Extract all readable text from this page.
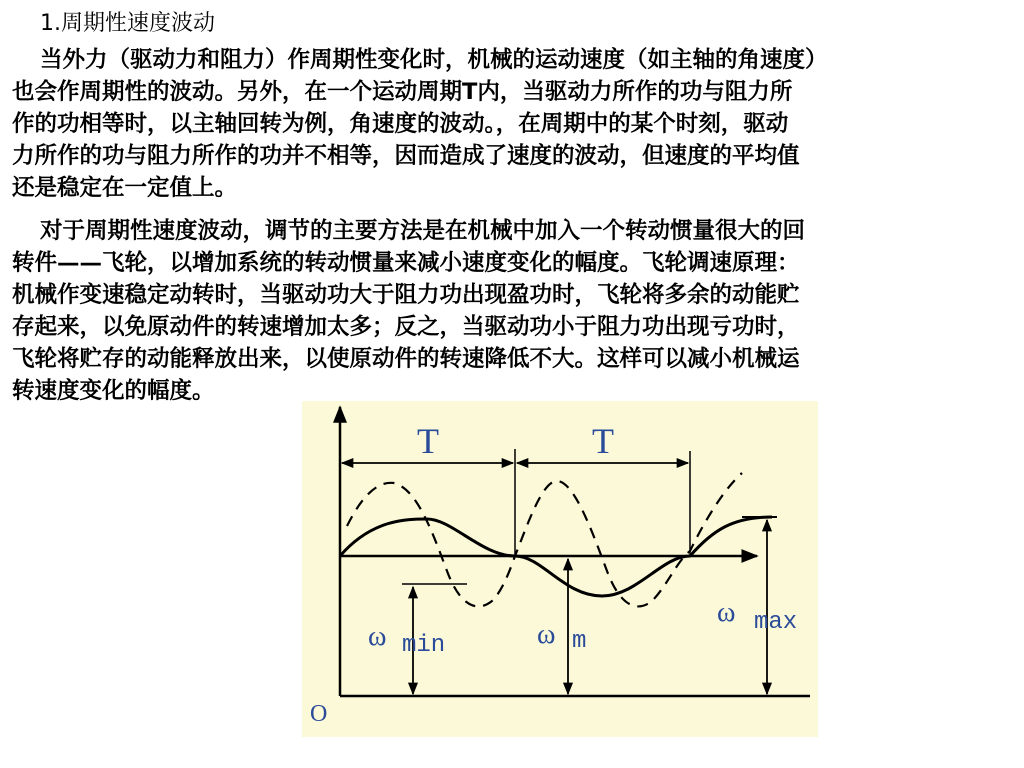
1.周期性速度波动
当外力（驱动力和阻力）作周期性变化时，机械的运动速度（如主轴的角速度）
也会作周期性的波动。另外，在一个运动周期T内，当驱动力所作的功与阻力所
作的功相等时，以主轴回转为例，角速度的波动。，在周期中的某个时刻，驱动
力所作的功与阻力所作的功并不相等，因而造成了速度的波动，但速度的平均值
还是稳定在一定值上。
对于周期性速度波动，调节的主要方法是在机械中加入一个转动惯量很大的回
转件——飞轮，以增加系统的转动惯量来减小速度变化的幅度。飞轮调速原理：
机械作变速稳定动转时，当驱动功大于阻力功出现盈功时，飞轮将多余的动能贮
存起来，以免原动件的转速增加太多；反之，当驱动功小于阻力功出现亏功时，
飞轮将贮存的动能释放出来，以使原动件的转速降低不大。这样可以减小机械运
转速度变化的幅度。
T	T
ω min	ω m
ω max
O
